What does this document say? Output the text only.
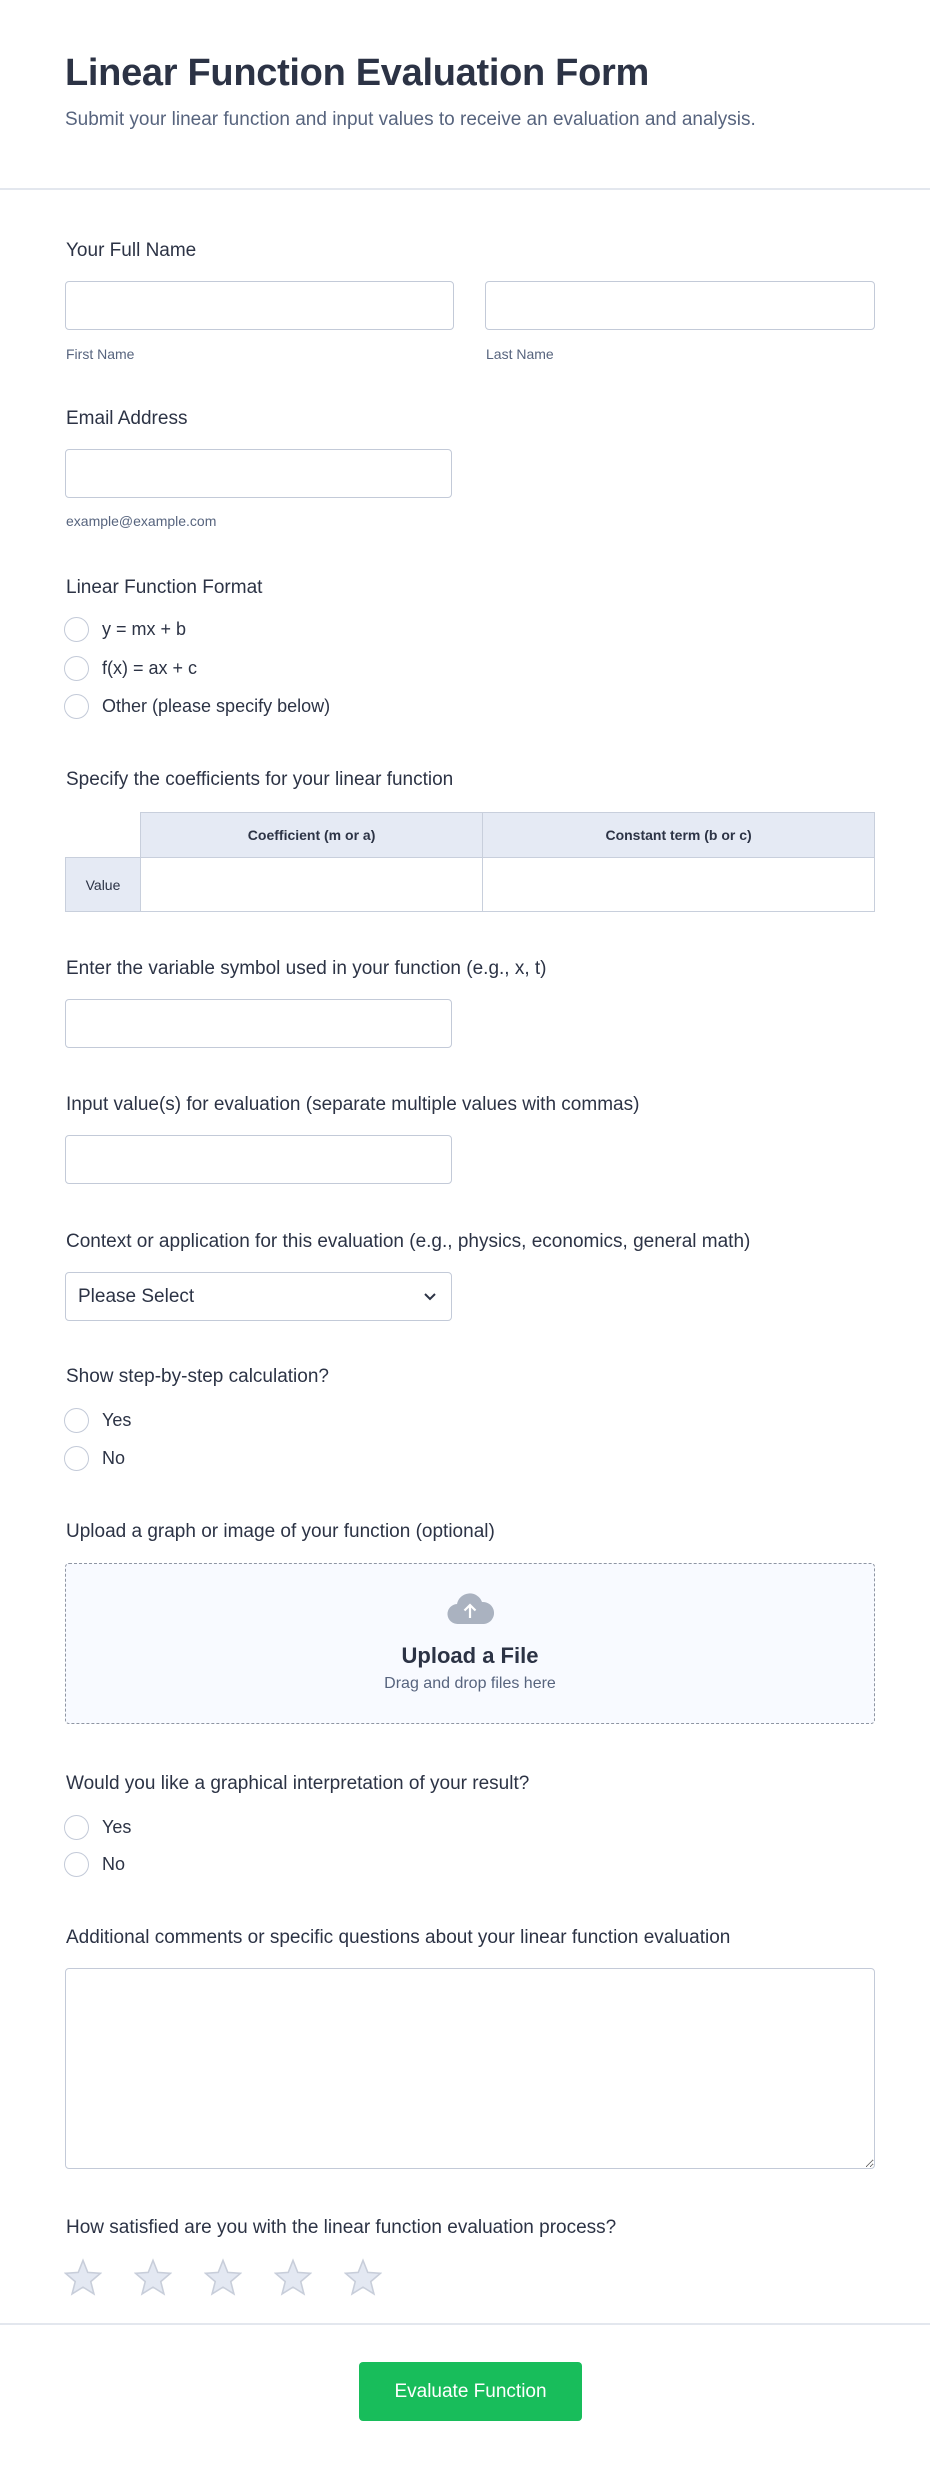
Linear Function Evaluation Form

Submit your linear function and input values to receive an evaluation and analysis.

Your Full Name
First Name	Last Name
Email Address
example@example.com
Linear Function Format
y = mx + b
f(x) = ax + c
Other (please specify below)
Specify the coefficients for your linear function
	Coefficient (m or a)	Constant term (b or c)
Value		
Enter the variable symbol used in your function (e.g., x, t)
Input value(s) for evaluation (separate multiple values with commas)
Context or application for this evaluation (e.g., physics, economics, general math)
Please Select
Show step-by-step calculation?
Yes
No
Upload a graph or image of your function (optional)
Upload a File
Drag and drop files here
Would you like a graphical interpretation of your result?
Yes
No
Additional comments or specific questions about your linear function evaluation
How satisfied are you with the linear function evaluation process?
Evaluate Function
